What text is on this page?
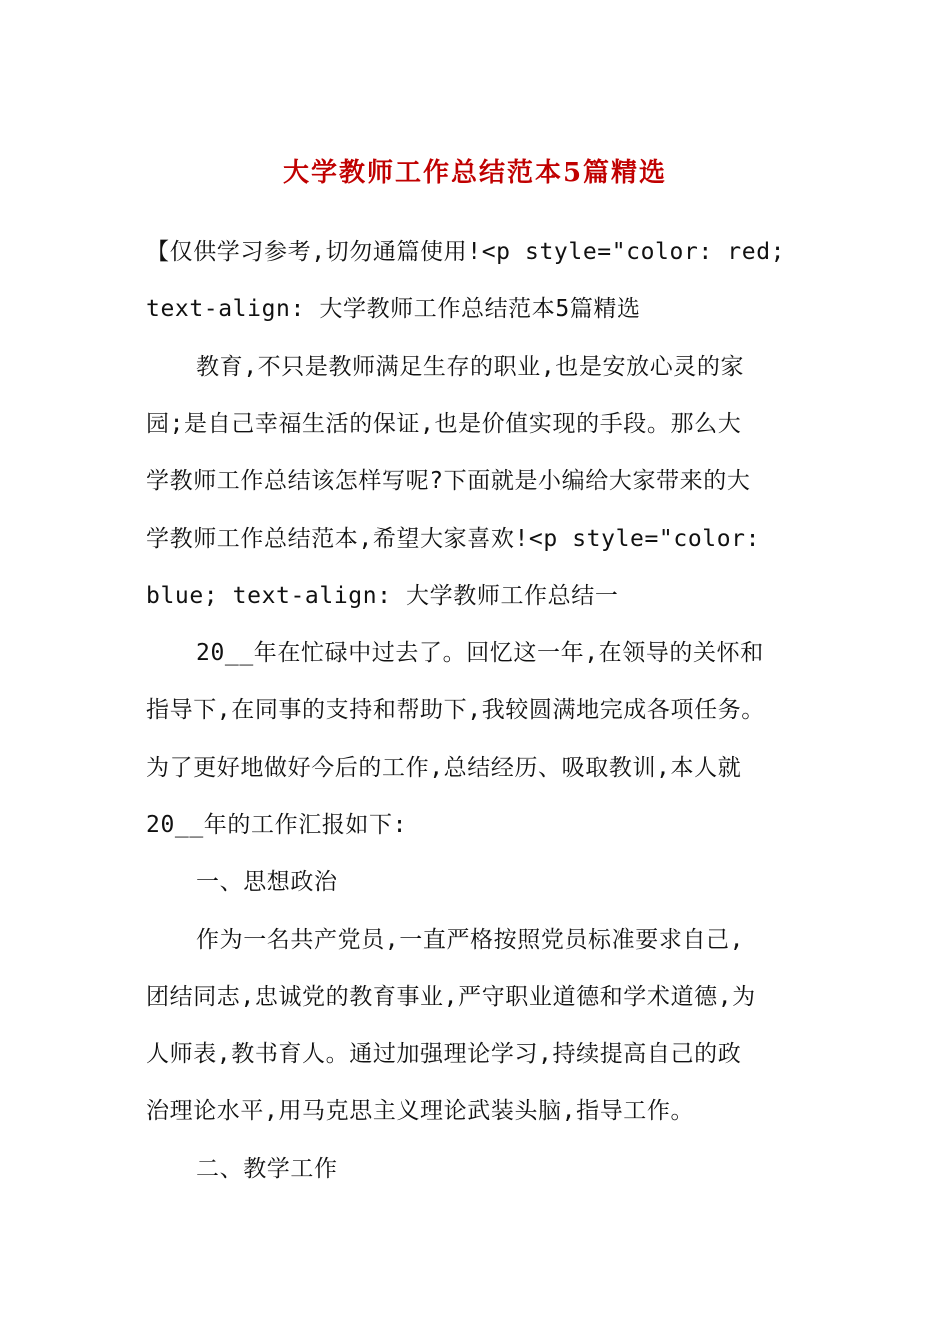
大学教师工作总结范本5篇精选

【仅供学习参考,切勿通篇使用!<p style="color: red;

text-align: 大学教师工作总结范本5篇精选

教育,不只是教师满足生存的职业,也是安放心灵的家

园;是自己幸福生活的保证,也是价值实现的手段。那么大

学教师工作总结该怎样写呢?下面就是小编给大家带来的大

学教师工作总结范本,希望大家喜欢!<p style="color:

blue; text-align: 大学教师工作总结一

20__年在忙碌中过去了。回忆这一年,在领导的关怀和

指导下,在同事的支持和帮助下,我较圆满地完成各项任务。

为了更好地做好今后的工作,总结经历、吸取教训,本人就

20__年的工作汇报如下:

一、思想政治

作为一名共产党员,一直严格按照党员标准要求自己,

团结同志,忠诚党的教育事业,严守职业道德和学术道德,为

人师表,教书育人。通过加强理论学习,持续提高自己的政

治理论水平,用马克思主义理论武装头脑,指导工作。

二、教学工作
